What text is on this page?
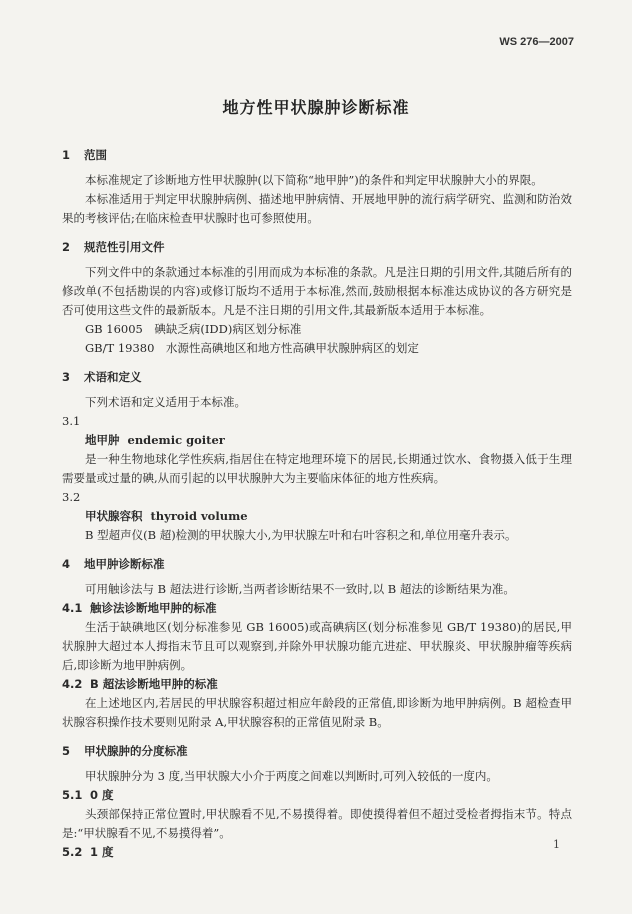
WS 276—2007
地方性甲状腺肿诊断标准

1 范围

本标准规定了诊断地方性甲状腺肿(以下简称“地甲肿”)的条件和判定甲状腺肿大小的界限。

本标准适用于判定甲状腺肿病例、描述地甲肿病情、开展地甲肿的流行病学研究、监测和防治效果的考核评估;在临床检查甲状腺时也可参照使用。

2 规范性引用文件

下列文件中的条款通过本标准的引用而成为本标准的条款。凡是注日期的引用文件,其随后所有的修改单(不包括勘误的内容)或修订版均不适用于本标准,然而,鼓励根据本标准达成协议的各方研究是否可使用这些文件的最新版本。凡是不注日期的引用文件,其最新版本适用于本标准。

GB 16005　碘缺乏病(IDD)病区划分标准

GB/T 19380　水源性高碘地区和地方性高碘甲状腺肿病区的划定

3 术语和定义

下列术语和定义适用于本标准。

3.1

地甲肿 endemic goiter

是一种生物地球化学性疾病,指居住在特定地理环境下的居民,长期通过饮水、食物摄入低于生理需要量或过量的碘,从而引起的以甲状腺肿大为主要临床体征的地方性疾病。

3.2

甲状腺容积 thyroid volume

B 型超声仪(B 超)检测的甲状腺大小,为甲状腺左叶和右叶容积之和,单位用毫升表示。

4 地甲肿诊断标准

可用触诊法与 B 超法进行诊断,当两者诊断结果不一致时,以 B 超法的诊断结果为准。

4.1 触诊法诊断地甲肿的标准

生活于缺碘地区(划分标准参见 GB 16005)或高碘病区(划分标准参见 GB/T 19380)的居民,甲状腺肿大超过本人拇指末节且可以观察到,并除外甲状腺功能亢进症、甲状腺炎、甲状腺肿瘤等疾病后,即诊断为地甲肿病例。

4.2 B 超法诊断地甲肿的标准

在上述地区内,若居民的甲状腺容积超过相应年龄段的正常值,即诊断为地甲肿病例。B 超检查甲状腺容积操作技术要则见附录 A,甲状腺容积的正常值见附录 B。

5 甲状腺肿的分度标准

甲状腺肿分为 3 度,当甲状腺大小介于两度之间难以判断时,可列入较低的一度内。

5.1 0 度

头颈部保持正常位置时,甲状腺看不见,不易摸得着。即使摸得着但不超过受检者拇指末节。特点是:“甲状腺看不见,不易摸得着”。

5.2 1 度

1
